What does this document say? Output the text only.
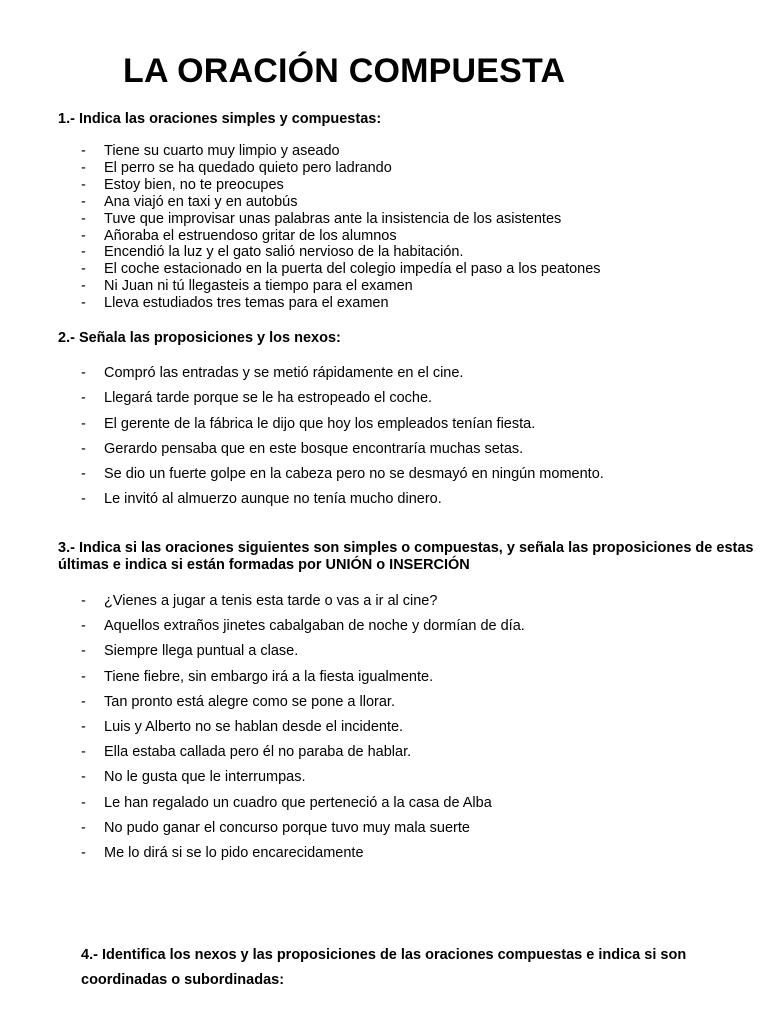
LA ORACIÓN COMPUESTA

1.- Indica las oraciones simples y compuestas:

- Tiene su cuarto muy limpio y aseado
- El perro se ha quedado quieto pero ladrando
- Estoy bien, no te preocupes
- Ana viajó en taxi y en autobús
- Tuve que improvisar unas palabras ante la insistencia de los asistentes
- Añoraba el estruendoso gritar de los alumnos
- Encendió la luz y el gato salió nervioso de la habitación.
- El coche estacionado en la puerta del colegio impedía el paso a los peatones
- Ni Juan ni tú llegasteis a tiempo para el examen
- Lleva estudiados tres temas para el examen

2.- Señala las proposiciones y los nexos:

- Compró las entradas y se metió rápidamente en el cine.
- Llegará tarde porque se le ha estropeado el coche.
- El gerente de la fábrica le dijo que hoy los empleados tenían fiesta.
- Gerardo pensaba que en este bosque encontraría muchas setas.
- Se dio un fuerte golpe en la cabeza pero no se desmayó en ningún momento.
- Le invitó al almuerzo aunque no tenía mucho dinero.

3.- Indica si las oraciones siguientes son simples o compuestas, y señala las proposiciones de estas últimas e indica si están formadas por UNIÓN o INSERCIÓN

- ¿Vienes a jugar a tenis esta tarde o vas a ir al cine?
- Aquellos extraños jinetes cabalgaban de noche y dormían de día.
- Siempre llega puntual a clase.
- Tiene fiebre, sin embargo irá a la fiesta igualmente.
- Tan pronto está alegre como se pone a llorar.
- Luis y Alberto no se hablan desde el incidente.
- Ella estaba callada pero él no paraba de hablar.
- No le gusta que le interrumpas.
- Le han regalado un cuadro que perteneció a la casa de Alba
- No pudo ganar el concurso porque tuvo muy mala suerte
- Me lo dirá si se lo pido encarecidamente

4.- Identifica los nexos y las proposiciones de las oraciones compuestas e indica si son coordinadas o subordinadas:
